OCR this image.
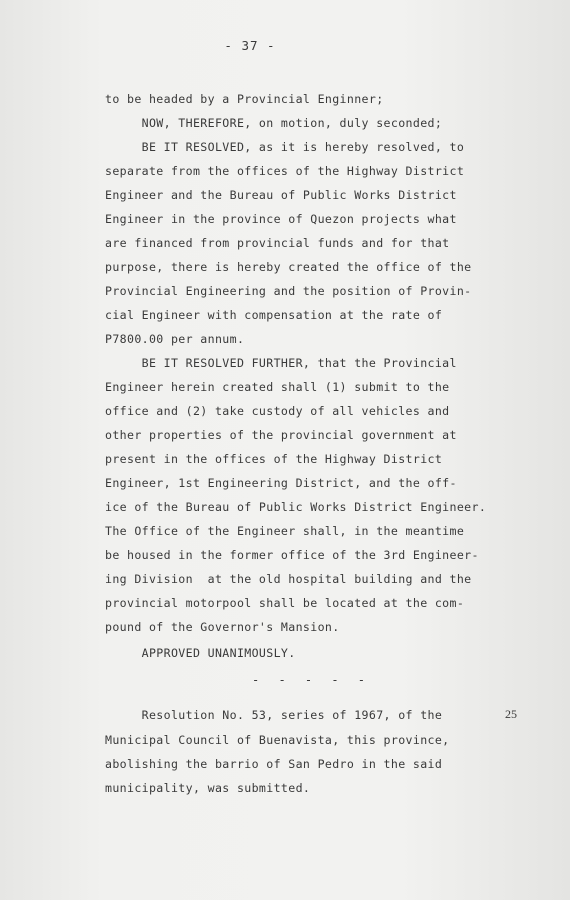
- 37 -
to be headed by a Provincial Enginner;
NOW, THEREFORE, on motion, duly seconded;
BE IT RESOLVED, as it is hereby resolved, to
separate from the offices of the Highway District
Engineer and the Bureau of Public Works District
Engineer in the province of Quezon projects what
are financed from provincial funds and for that
purpose, there is hereby created the office of the
Provincial Engineering and the position of Provin-
cial Engineer with compensation at the rate of
P7800.00 per annum.
BE IT RESOLVED FURTHER, that the Provincial
Engineer herein created shall (1) submit to the
office and (2) take custody of all vehicles and
other properties of the provincial government at
present in the offices of the Highway District
Engineer, 1st Engineering District, and the off-
ice of the Bureau of Public Works District Engineer.
The Office of the Engineer shall, in the meantime
be housed in the former office of the 3rd Engineer-
ing Division  at the old hospital building and the
provincial motorpool shall be located at the com-
pound of the Governor's Mansion.
APPROVED UNANIMOUSLY.
- - - - -
Resolution No. 53, series of 1967, of the	25
Municipal Council of Buenavista, this province,
abolishing the barrio of San Pedro in the said
municipality, was submitted.
